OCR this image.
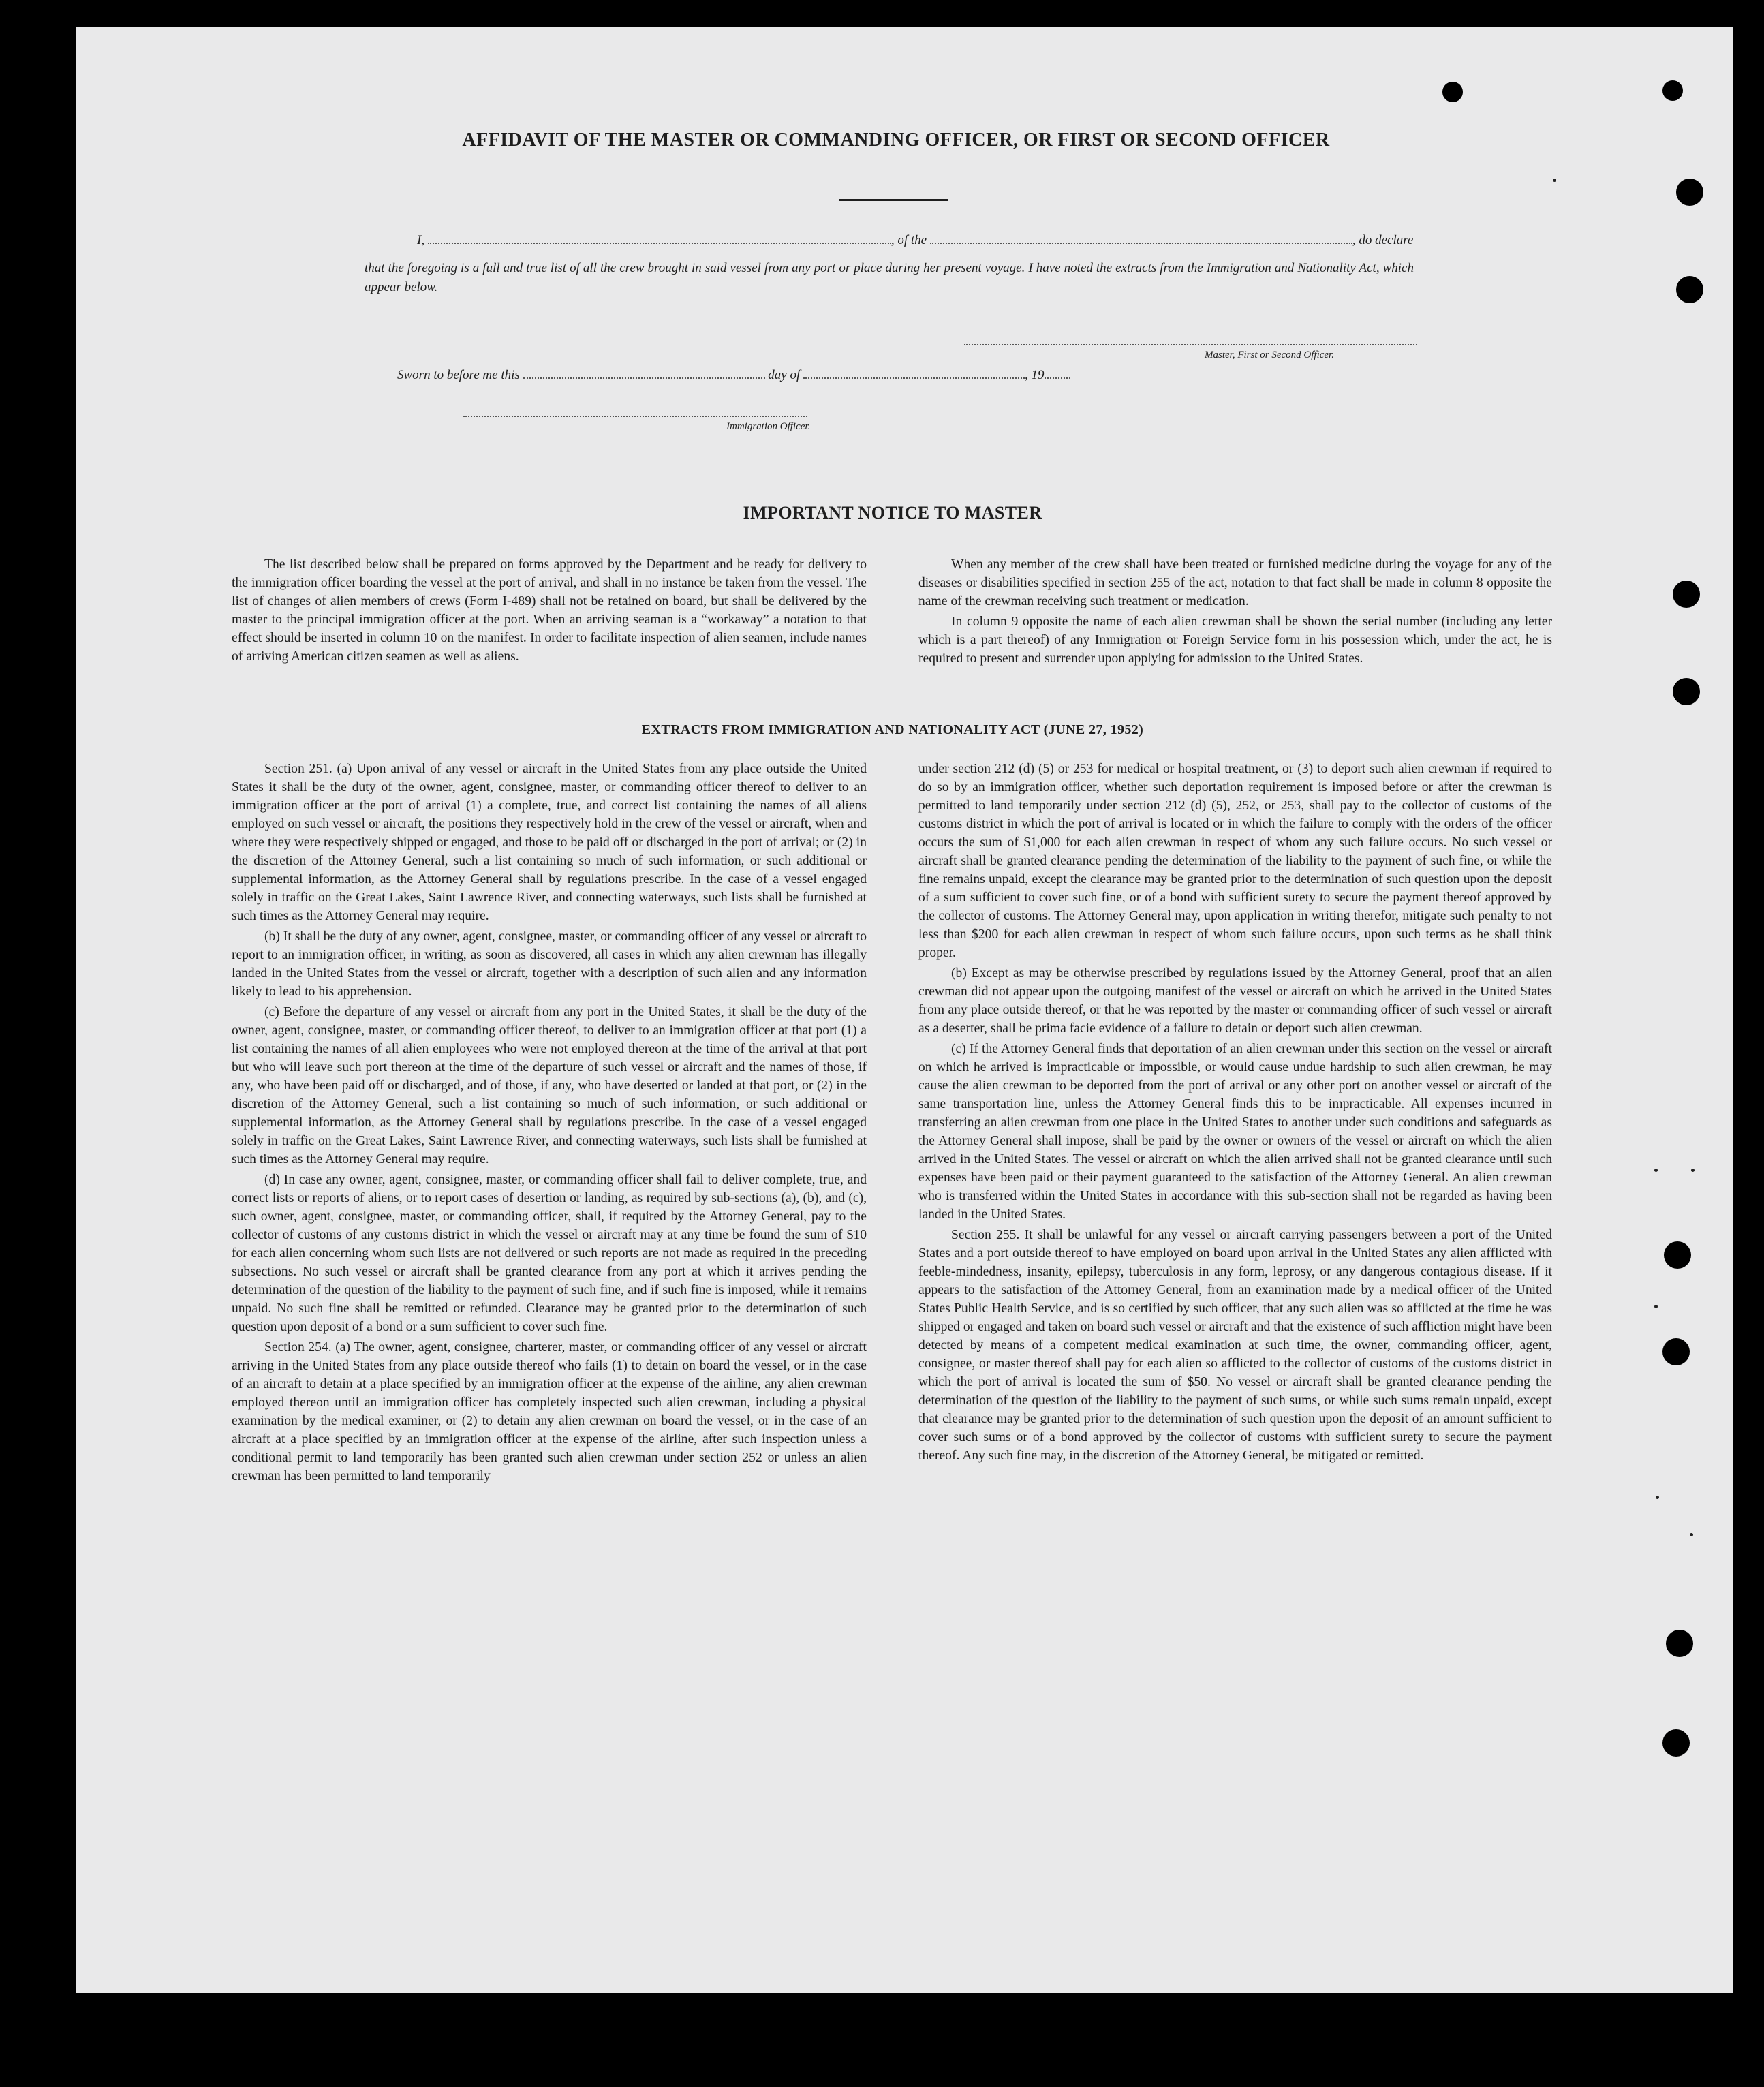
AFFIDAVIT OF THE MASTER OR COMMANDING OFFICER, OR FIRST OR SECOND OFFICER
I,	, of the	, do declare

that the foregoing is a full and true list of all the crew brought in said vessel from any port or place during her present voyage. I have noted the extracts from the Immigration and Nationality Act, which appear below.

Master, First or Second Officer.
Sworn to before me this	day of	, 19
Immigration Officer.
IMPORTANT NOTICE TO MASTER

The list described below shall be prepared on forms approved by the Department and be ready for delivery to the immigration officer boarding the vessel at the port of arrival, and shall in no instance be taken from the vessel. The list of changes of alien members of crews (Form I-489) shall not be retained on board, but shall be delivered by the master to the principal immigration officer at the port. When an arriving seaman is a “workaway” a notation to that effect should be inserted in column 10 on the manifest. In order to facilitate inspection of alien seamen, include names of arriving American citizen seamen as well as aliens.

When any member of the crew shall have been treated or furnished medicine during the voyage for any of the diseases or disabilities specified in section 255 of the act, notation to that fact shall be made in column 8 opposite the name of the crewman receiving such treatment or medication.

In column 9 opposite the name of each alien crewman shall be shown the serial number (including any letter which is a part thereof) of any Immigration or Foreign Service form in his possession which, under the act, he is required to present and surrender upon applying for admission to the United States.

EXTRACTS FROM IMMIGRATION AND NATIONALITY ACT (JUNE 27, 1952)

Section 251. (a) Upon arrival of any vessel or aircraft in the United States from any place outside the United States it shall be the duty of the owner, agent, consignee, master, or commanding officer thereof to deliver to an immigration officer at the port of arrival (1) a complete, true, and correct list containing the names of all aliens employed on such vessel or aircraft, the positions they respectively hold in the crew of the vessel or aircraft, when and where they were respectively shipped or engaged, and those to be paid off or discharged in the port of arrival; or (2) in the discretion of the Attorney General, such a list containing so much of such information, or such additional or supplemental information, as the Attorney General shall by regulations prescribe. In the case of a vessel engaged solely in traffic on the Great Lakes, Saint Lawrence River, and connecting waterways, such lists shall be furnished at such times as the Attorney General may require.

(b) It shall be the duty of any owner, agent, consignee, master, or commanding officer of any vessel or aircraft to report to an immigration officer, in writing, as soon as discovered, all cases in which any alien crewman has illegally landed in the United States from the vessel or aircraft, together with a description of such alien and any information likely to lead to his apprehension.

(c) Before the departure of any vessel or aircraft from any port in the United States, it shall be the duty of the owner, agent, consignee, master, or commanding officer thereof, to deliver to an immigration officer at that port (1) a list containing the names of all alien employees who were not employed thereon at the time of the arrival at that port but who will leave such port thereon at the time of the departure of such vessel or aircraft and the names of those, if any, who have been paid off or discharged, and of those, if any, who have deserted or landed at that port, or (2) in the discretion of the Attorney General, such a list containing so much of such information, or such additional or supplemental information, as the Attorney General shall by regulations prescribe. In the case of a vessel engaged solely in traffic on the Great Lakes, Saint Lawrence River, and connecting waterways, such lists shall be furnished at such times as the Attorney General may require.

(d) In case any owner, agent, consignee, master, or commanding officer shall fail to deliver complete, true, and correct lists or reports of aliens, or to report cases of desertion or landing, as required by sub-sections (a), (b), and (c), such owner, agent, consignee, master, or commanding officer, shall, if required by the Attorney General, pay to the collector of customs of any customs district in which the vessel or aircraft may at any time be found the sum of $10 for each alien concerning whom such lists are not delivered or such reports are not made as required in the preceding subsections. No such vessel or aircraft shall be granted clearance from any port at which it arrives pending the determination of the question of the liability to the payment of such fine, and if such fine is imposed, while it remains unpaid. No such fine shall be remitted or refunded. Clearance may be granted prior to the determination of such question upon deposit of a bond or a sum sufficient to cover such fine.

Section 254. (a) The owner, agent, consignee, charterer, master, or commanding officer of any vessel or aircraft arriving in the United States from any place outside thereof who fails (1) to detain on board the vessel, or in the case of an aircraft to detain at a place specified by an immigration officer at the expense of the airline, any alien crewman employed thereon until an immigration officer has completely inspected such alien crewman, including a physical examination by the medical examiner, or (2) to detain any alien crewman on board the vessel, or in the case of an aircraft at a place specified by an immigration officer at the expense of the airline, after such inspection unless a conditional permit to land temporarily has been granted such alien crewman under section 252 or unless an alien crewman has been permitted to land temporarily

under section 212 (d) (5) or 253 for medical or hospital treatment, or (3) to deport such alien crewman if required to do so by an immigration officer, whether such deportation requirement is imposed before or after the crewman is permitted to land temporarily under section 212 (d) (5), 252, or 253, shall pay to the collector of customs of the customs district in which the port of arrival is located or in which the failure to comply with the orders of the officer occurs the sum of $1,000 for each alien crewman in respect of whom any such failure occurs. No such vessel or aircraft shall be granted clearance pending the determination of the liability to the payment of such fine, or while the fine remains unpaid, except the clearance may be granted prior to the determination of such question upon the deposit of a sum sufficient to cover such fine, or of a bond with sufficient surety to secure the payment thereof approved by the collector of customs. The Attorney General may, upon application in writing therefor, mitigate such penalty to not less than $200 for each alien crewman in respect of whom such failure occurs, upon such terms as he shall think proper.

(b) Except as may be otherwise prescribed by regulations issued by the Attorney General, proof that an alien crewman did not appear upon the outgoing manifest of the vessel or aircraft on which he arrived in the United States from any place outside thereof, or that he was reported by the master or commanding officer of such vessel or aircraft as a deserter, shall be prima facie evidence of a failure to detain or deport such alien crewman.

(c) If the Attorney General finds that deportation of an alien crewman under this section on the vessel or aircraft on which he arrived is impracticable or impossible, or would cause undue hardship to such alien crewman, he may cause the alien crewman to be deported from the port of arrival or any other port on another vessel or aircraft of the same transportation line, unless the Attorney General finds this to be impracticable. All expenses incurred in transferring an alien crewman from one place in the United States to another under such conditions and safeguards as the Attorney General shall impose, shall be paid by the owner or owners of the vessel or aircraft on which the alien arrived in the United States. The vessel or aircraft on which the alien arrived shall not be granted clearance until such expenses have been paid or their payment guaranteed to the satisfaction of the Attorney General. An alien crewman who is transferred within the United States in accordance with this sub-section shall not be regarded as having been landed in the United States.

Section 255. It shall be unlawful for any vessel or aircraft carrying passengers between a port of the United States and a port outside thereof to have employed on board upon arrival in the United States any alien afflicted with feeble-mindedness, insanity, epilepsy, tuberculosis in any form, leprosy, or any dangerous contagious disease. If it appears to the satisfaction of the Attorney General, from an examination made by a medical officer of the United States Public Health Service, and is so certified by such officer, that any such alien was so afflicted at the time he was shipped or engaged and taken on board such vessel or aircraft and that the existence of such affliction might have been detected by means of a competent medical examination at such time, the owner, commanding officer, agent, consignee, or master thereof shall pay for each alien so afflicted to the collector of customs of the customs district in which the port of arrival is located the sum of $50. No vessel or aircraft shall be granted clearance pending the determination of the question of the liability to the payment of such sums, or while such sums remain unpaid, except that clearance may be granted prior to the determination of such question upon the deposit of an amount sufficient to cover such sums or of a bond approved by the collector of customs with sufficient surety to secure the payment thereof. Any such fine may, in the discretion of the Attorney General, be mitigated or remitted.
